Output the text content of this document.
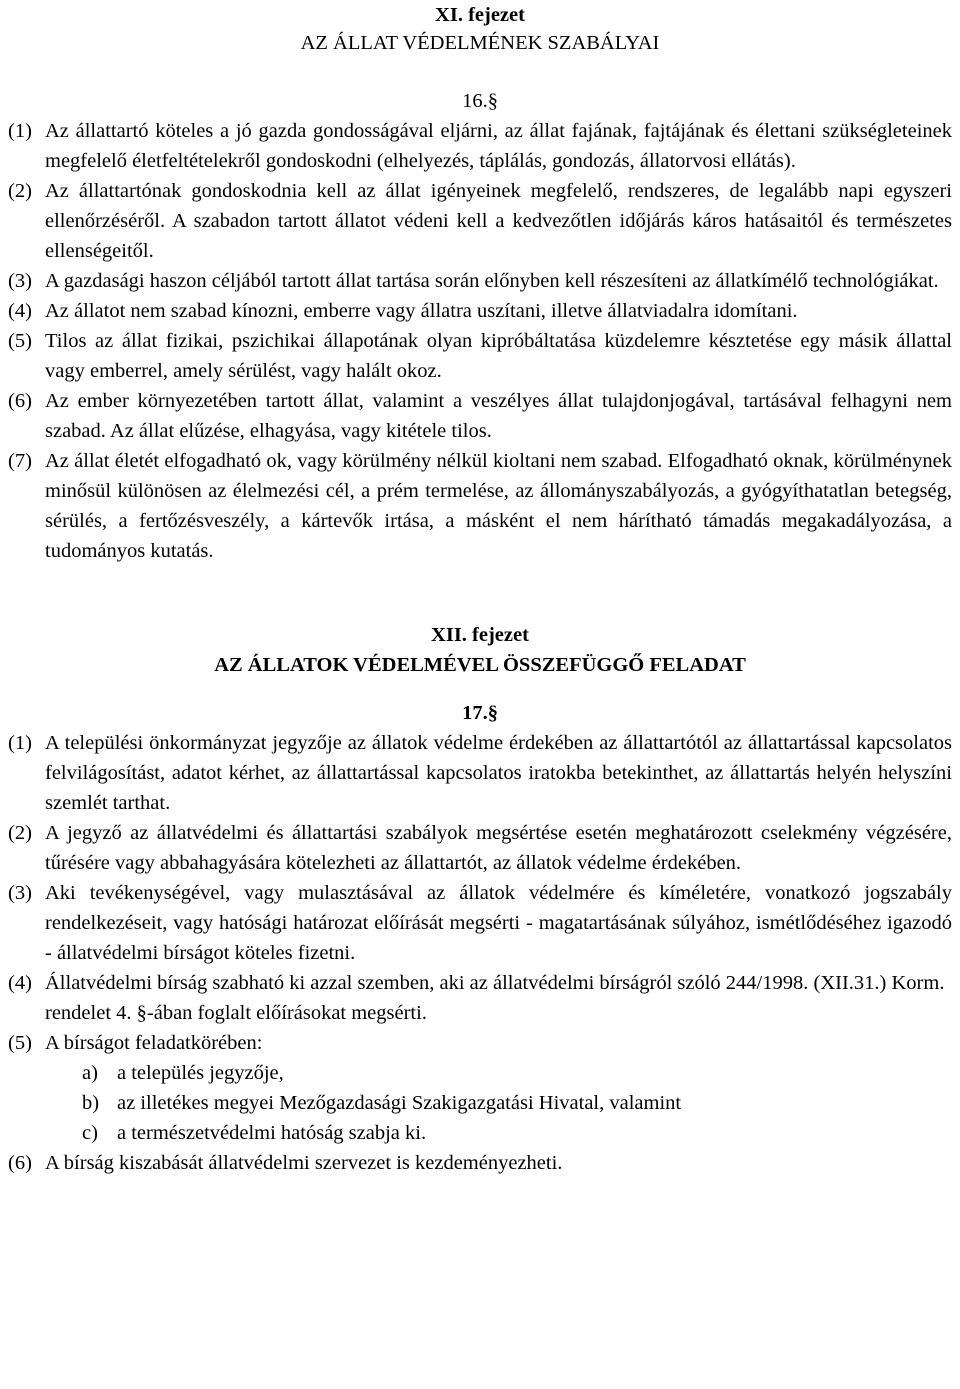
XI. fejezet
AZ ÁLLAT VÉDELMÉNEK SZABÁLYAI
16.§
(1) Az állattartó köteles a jó gazda gondosságával eljárni, az állat fajának, fajtájának és élettani szükségleteinek megfelelő életfeltételekről gondoskodni (elhelyezés, táplálás, gondozás, állatorvosi ellátás).
(2) Az állattartónak gondoskodnia kell az állat igényeinek megfelelő, rendszeres, de legalább napi egyszeri ellenőrzéséről. A szabadon tartott állatot védeni kell a kedvezőtlen időjárás káros hatásaitól és természetes ellenségeitől.
(3) A gazdasági haszon céljából tartott állat tartása során előnyben kell részesíteni az állatkímélő technológiákat.
(4) Az állatot nem szabad kínozni, emberre vagy állatra uszítani, illetve állatviadalra idomítani.
(5) Tilos az állat fizikai, pszichikai állapotának olyan kipróbáltatása küzdelemre késztetése egy másik állattal vagy emberrel, amely sérülést, vagy halált okoz.
(6) Az ember környezetében tartott állat, valamint a veszélyes állat tulajdonjogával, tartásával felhagyni nem szabad. Az állat elűzése, elhagyása, vagy kitétele tilos.
(7) Az állat életét elfogadható ok, vagy körülmény nélkül kioltani nem szabad. Elfogadható oknak, körülménynek minősül különösen az élelmezési cél, a prém termelése, az állományszabályozás, a gyógyíthatatlan betegség, sérülés, a fertőzésveszély, a kártevők irtása, a másként el nem hárítható támadás megakadályozása, a tudományos kutatás.
XII. fejezet
AZ ÁLLATOK VÉDELMÉVEL ÖSSZEFÜGGŐ FELADAT
17.§
(1) A települési önkormányzat jegyzője az állatok védelme érdekében az állattartótól az állattartással kapcsolatos felvilágosítást, adatot kérhet, az állattartással kapcsolatos iratokba betekinthet, az állattartás helyén helyszíni szemlét tarthat.
(2) A jegyző az állatvédelmi és állattartási szabályok megsértése esetén meghatározott cselekmény végzésére, tűrésére vagy abbahagyására kötelezheti az állattartót, az állatok védelme érdekében.
(3) Aki tevékenységével, vagy mulasztásával az állatok védelmére és kíméletére, vonatkozó jogszabály rendelkezéseit, vagy hatósági határozat előírását megsérti - magatartásának súlyához, ismétlődéséhez igazodó - állatvédelmi bírságot köteles fizetni.
(4) Állatvédelmi bírság szabható ki azzal szemben, aki az állatvédelmi bírságról szóló 244/1998. (XII.31.) Korm. rendelet 4. §-ában foglalt előírásokat megsérti.
(5) A bírságot feladatkörében:
a) a település jegyzője,
b) az illetékes megyei Mezőgazdasági Szakigazgatási Hivatal, valamint
c) a természetvédelmi hatóság szabja ki.
(6) A bírság kiszabását állatvédelmi szervezet is kezdeményezheti.
